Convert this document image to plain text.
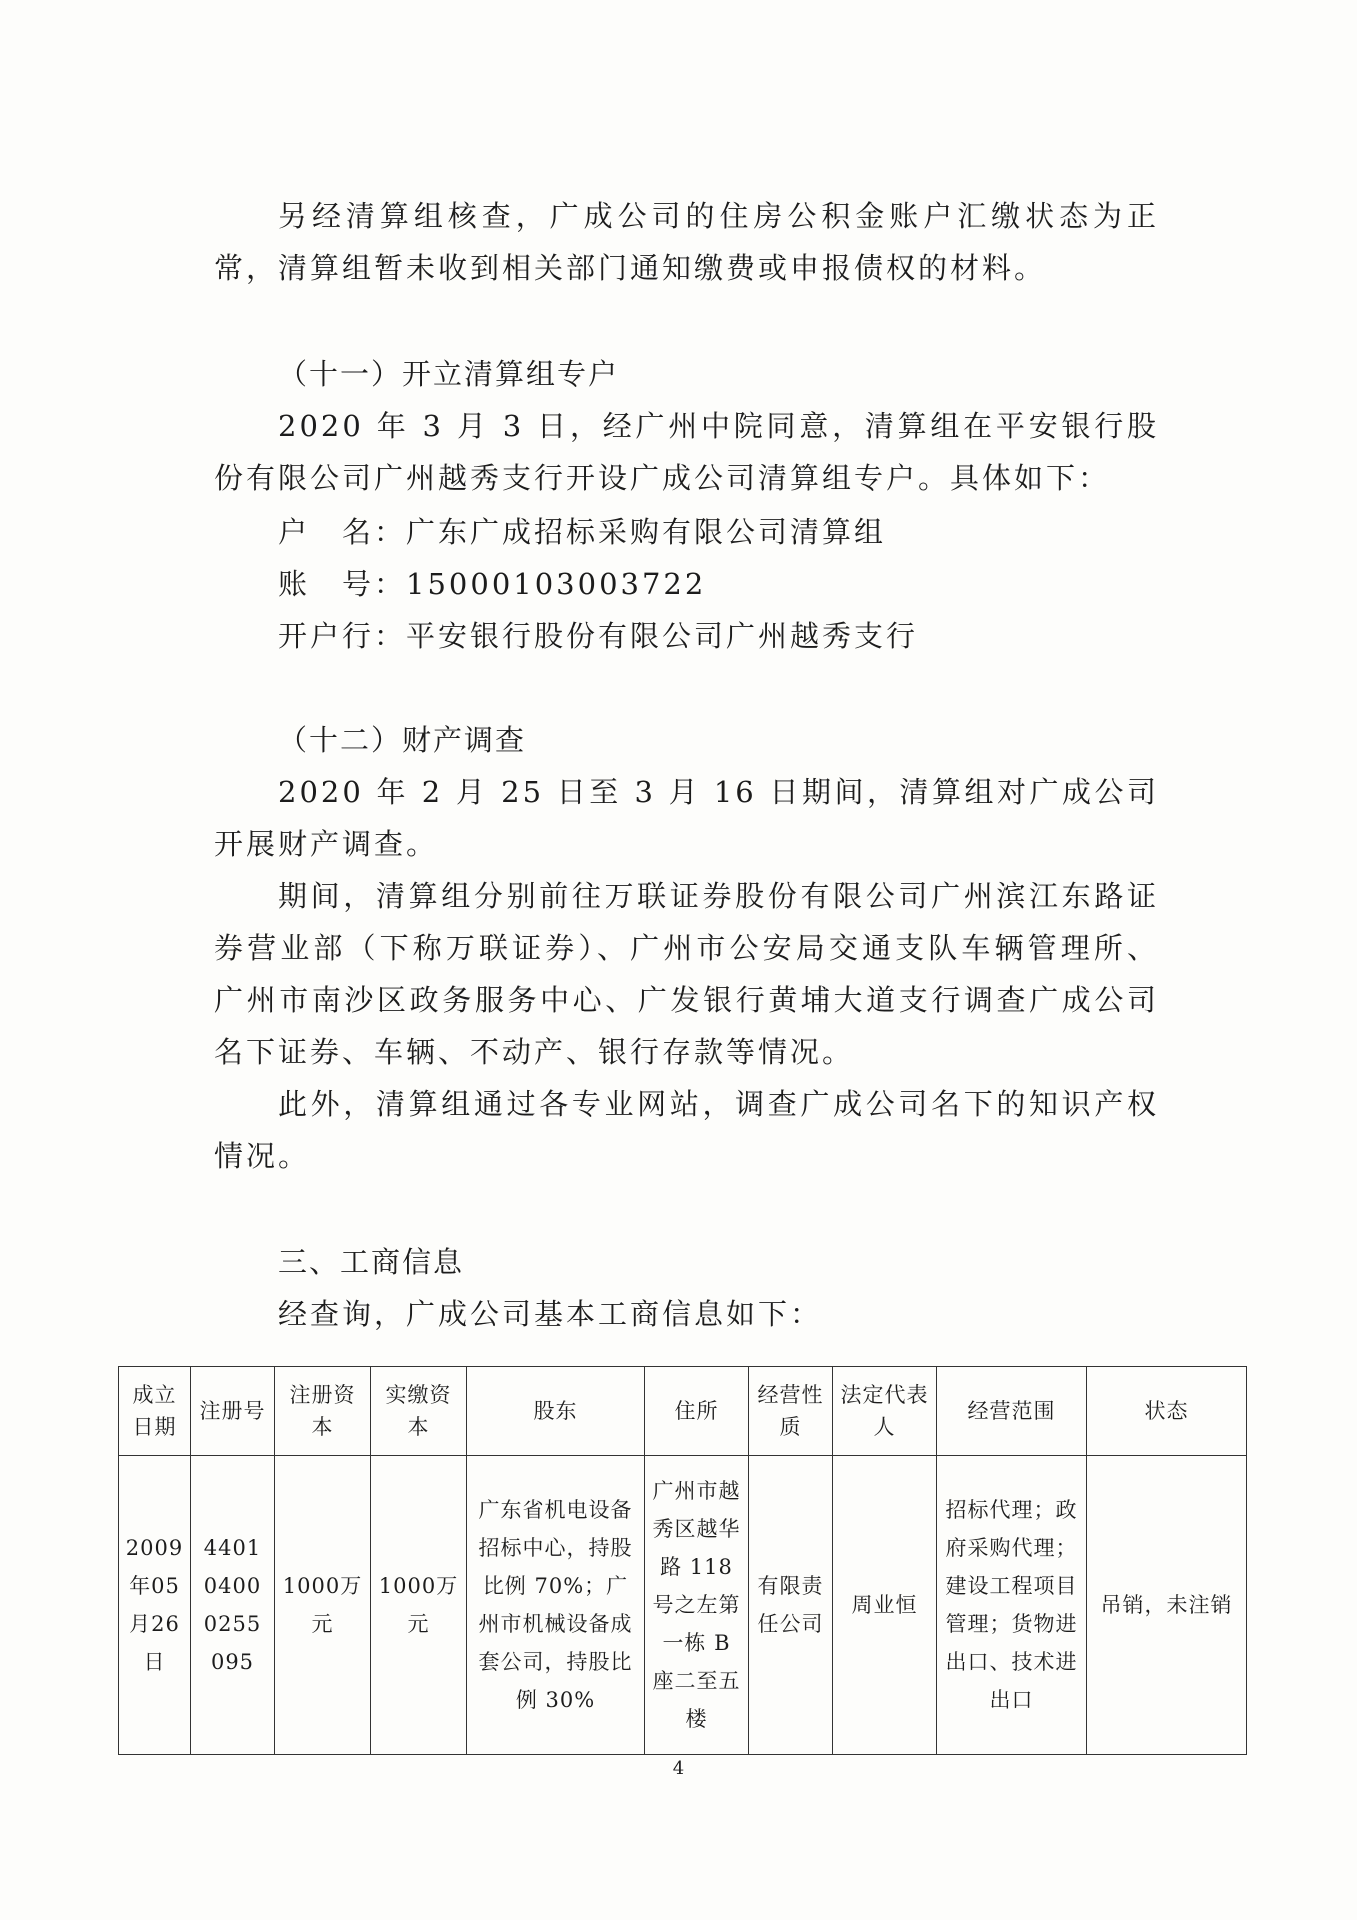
另经清算组核查，广成公司的住房公积金账户汇缴状态为正常，清算组暂未收到相关部门通知缴费或申报债权的材料。

（十一）开立清算组专户

2020 年 3 月 3 日，经广州中院同意，清算组在平安银行股份有限公司广州越秀支行开设广成公司清算组专户。具体如下：

户　名：广东广成招标采购有限公司清算组
账　号：15000103003722
开户行：平安银行股份有限公司广州越秀支行
（十二）财产调查

2020 年 2 月 25 日至 3 月 16 日期间，清算组对广成公司开展财产调查。

期间，清算组分别前往万联证券股份有限公司广州滨江东路证券营业部（下称万联证券）、广州市公安局交通支队车辆管理所、广州市南沙区政务服务中心、广发银行黄埔大道支行调查广成公司名下证券、车辆、不动产、银行存款等情况。

此外，清算组通过各专业网站，调查广成公司名下的知识产权情况。

三、工商信息

经查询，广成公司基本工商信息如下：

成立日期	注册号	注册资本	实缴资本	股东	住所	经营性质	法定代表人	经营范围	状态
2009年05月26日	440104000255095	1000万元	1000万元	广东省机电设备招标中心，持股比例 70%；广州市机械设备成套公司，持股比例 30%	广州市越秀区越华路 118 号之左第一栋 B 座二至五楼	有限责任公司	周业恒	招标代理；政府采购代理；建设工程项目管理；货物进出口、技术进出口	吊销，未注销
4
